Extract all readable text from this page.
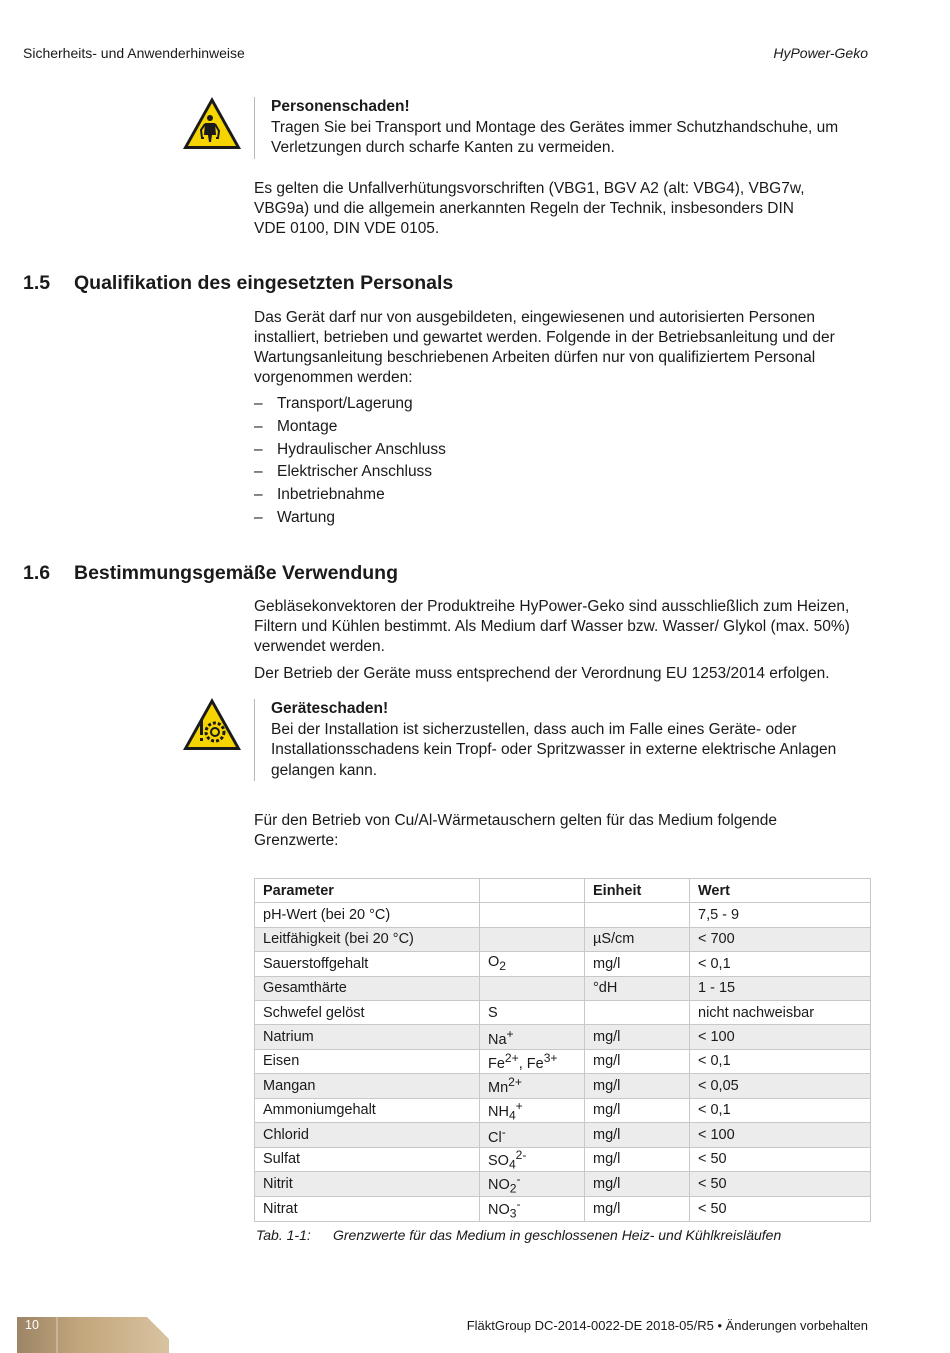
Sicherheits- und Anwenderhinweise	HyPower-Geko
Personenschaden!
Tragen Sie bei Transport und Montage des Gerätes immer Schutzhandschuhe, um Verletzungen durch scharfe Kanten zu vermeiden.

Es gelten die Unfallverhütungsvorschriften (VBG1, BGV A2 (alt: VBG4), VBG7w, VBG9a) und die allgemein anerkannten Regeln der Technik, insbesonders DIN VDE 0100, DIN VDE 0105.

1.5 Qualifikation des eingesetzten Personals

Das Gerät darf nur von ausgebildeten, eingewiesenen und autorisierten Personen installiert, betrieben und gewartet werden. Folgende in der Betriebsanleitung und der Wartungsanleitung beschriebenen Arbeiten dürfen nur von qualifiziertem Personal vorgenommen werden:

– Transport/Lagerung
– Montage
– Hydraulischer Anschluss
– Elektrischer Anschluss
– Inbetriebnahme
– Wartung
1.6 Bestimmungsgemäße Verwendung

Gebläsekonvektoren der Produktreihe HyPower-Geko sind ausschließlich zum Heizen, Filtern und Kühlen bestimmt. Als Medium darf Wasser bzw. Wasser/ Glykol (max. 50%) verwendet werden.

Der Betrieb der Geräte muss entsprechend der Verordnung EU 1253/2014 erfolgen.

Geräteschaden!
Bei der Installation ist sicherzustellen, dass auch im Falle eines Geräte- oder Installationsschadens kein Tropf- oder Spritzwasser in externe elektrische Anlagen gelangen kann.

Für den Betrieb von Cu/Al-Wärmetauschern gelten für das Medium folgende Grenzwerte:

Parameter		Einheit	Wert
pH-Wert (bei 20 °C)			7,5 - 9
Leitfähigkeit (bei 20 °C)		µS/cm	< 700
Sauerstoffgehalt	$O_2$	mg/l	< 0,1
Gesamthärte		°dH	1 - 15
Schwefel gelöst	S		nicht nachweisbar
Natrium	Na+	mg/l	< 100
Eisen	$Fe^{2+}$, $Fe^{3+}$	mg/l	< 0,1
Mangan	$Mn^{2+}$	mg/l	< 0,05
Ammoniumgehalt	$NH_4^+$	mg/l	< 0,1
Chlorid	Cl-	mg/l	< 100
Sulfat	$SO_4^{2-}$	mg/l	< 50
Nitrit	$NO_2^-$	mg/l	< 50
Nitrat	$NO_3^-$	mg/l	< 50
Tab. 1-1: Grenzwerte für das Medium in geschlossenen Heiz- und Kühlkreisläufen
10	FläktGroup DC-2014-0022-DE 2018-05/R5 • Änderungen vorbehalten
